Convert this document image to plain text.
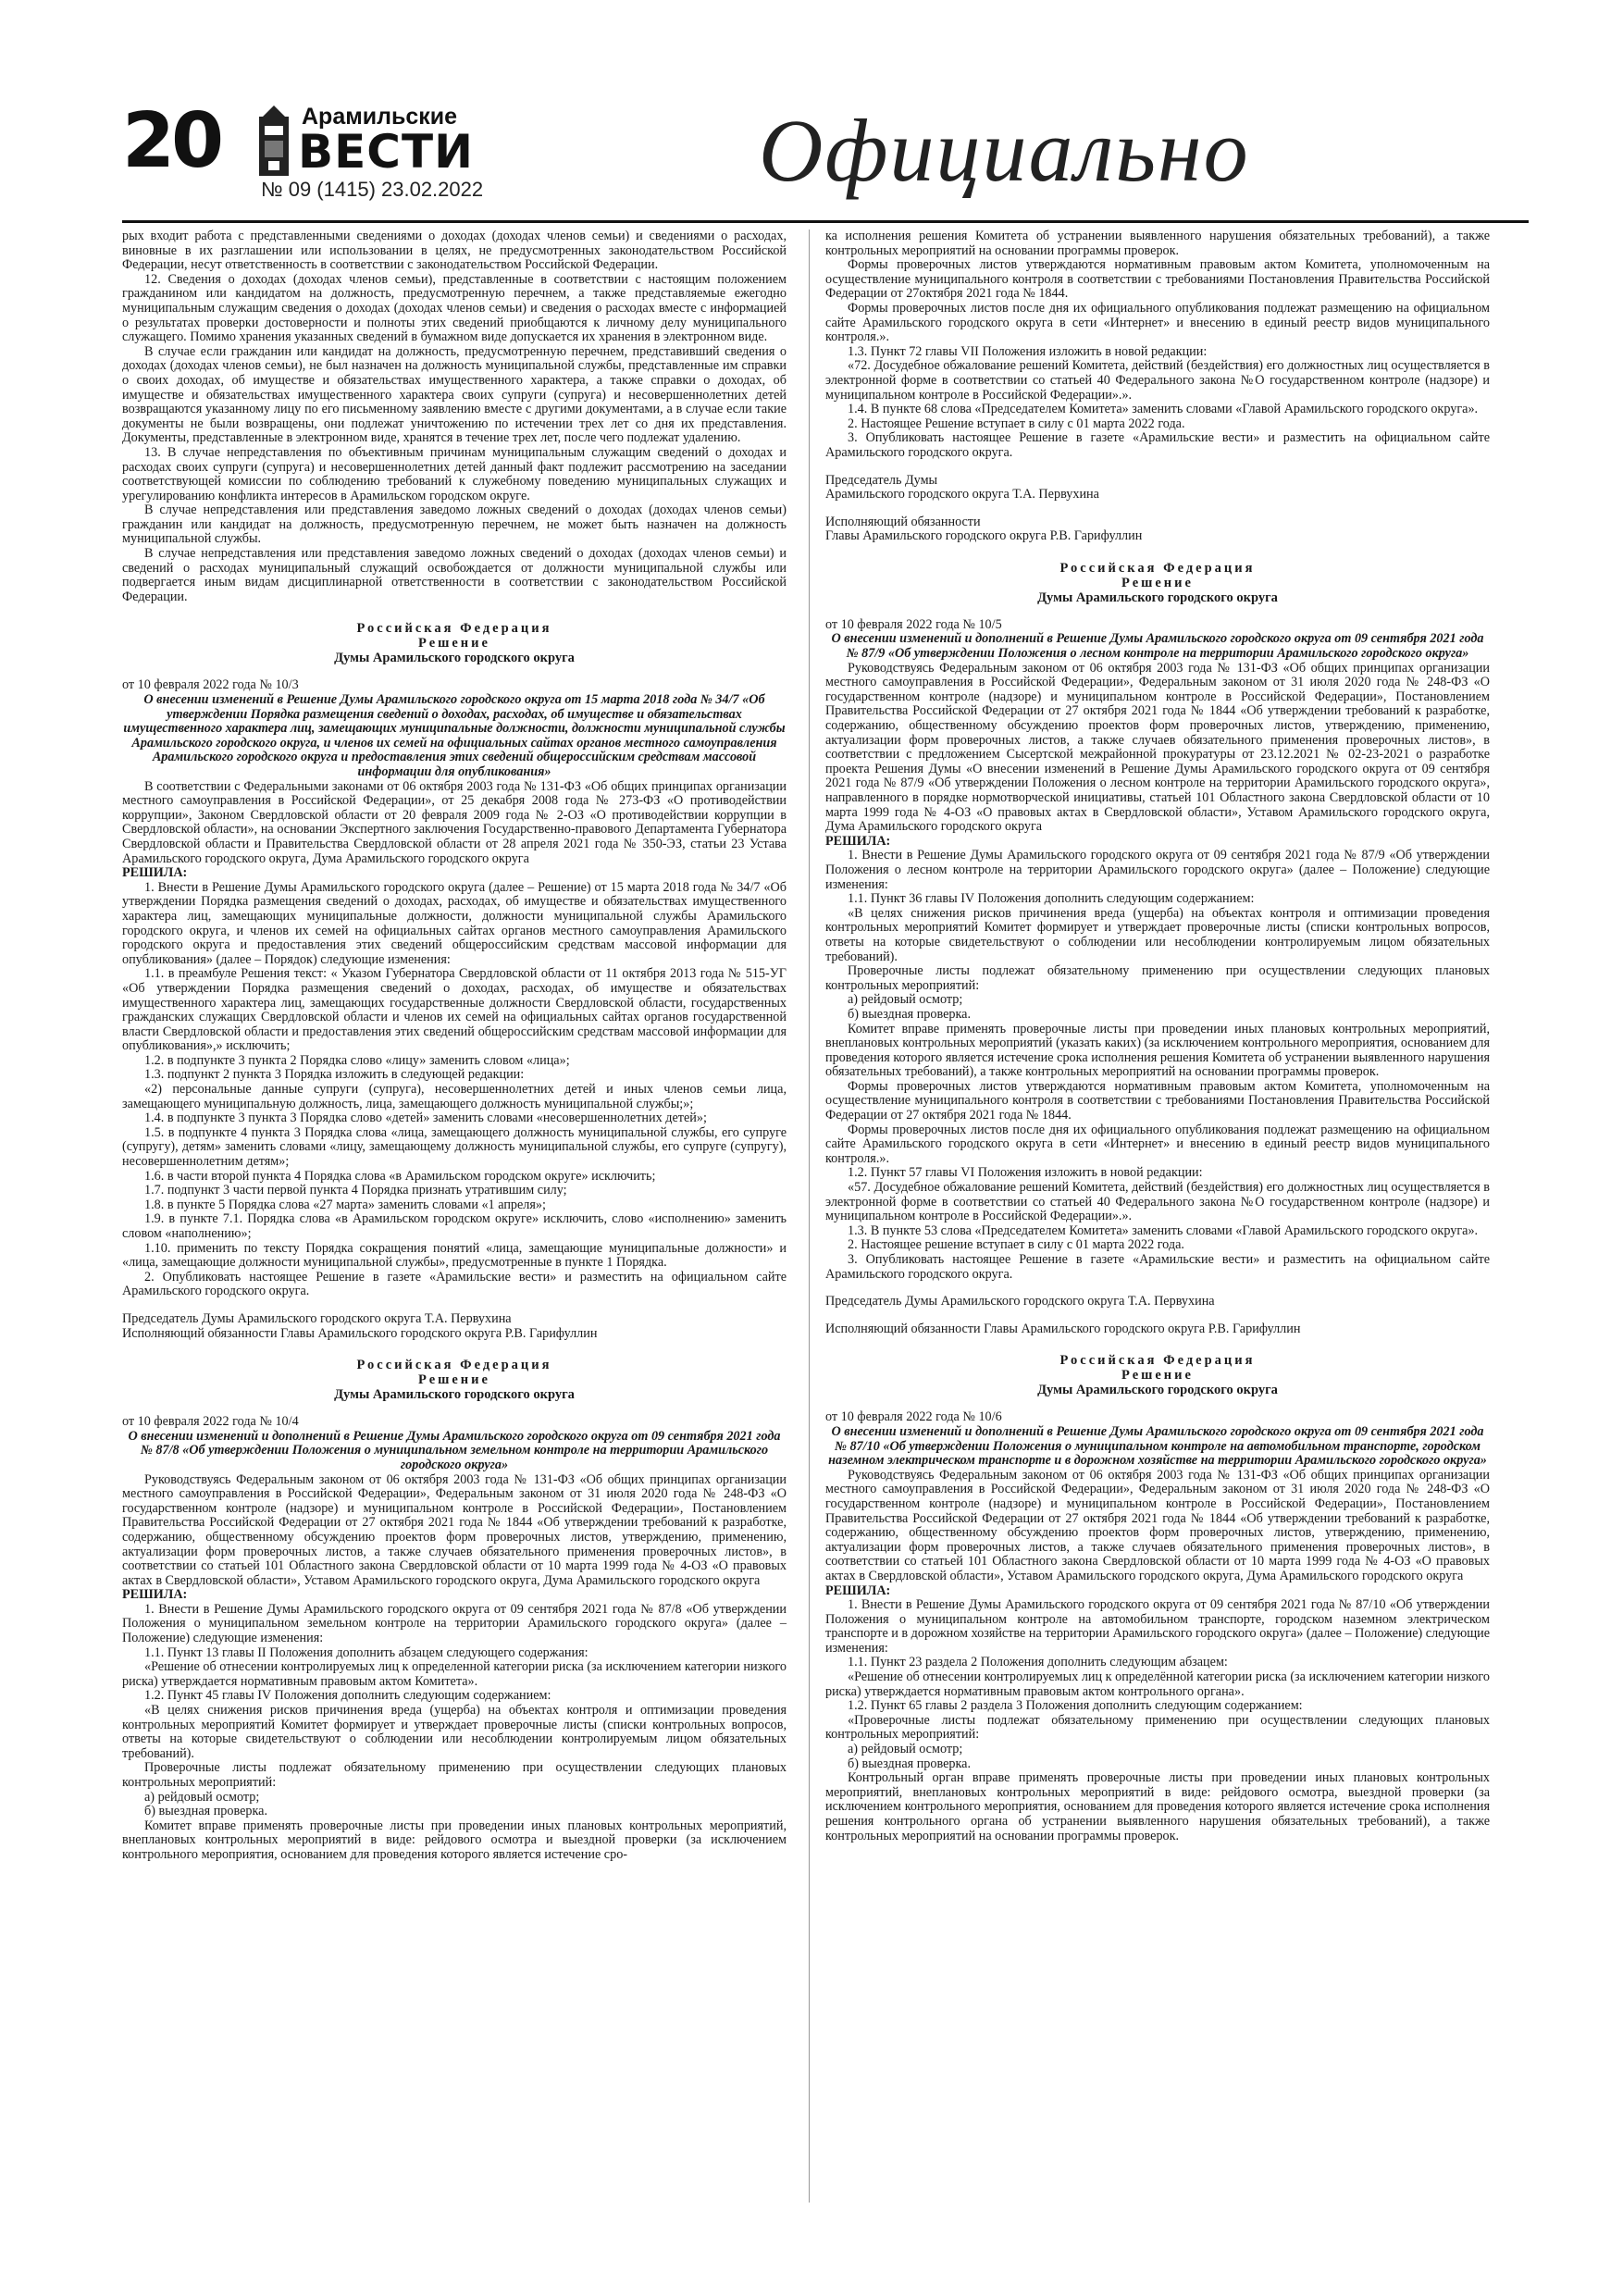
20	Арамильские
ВЕСТИ
№ 09 (1415) 23.02.2022	Официально

рых входит работа с представленными сведениями о доходах (доходах членов семьи) и сведениями о расходах, виновные в их разглашении или использовании в целях, не предусмотренных законодательством Российской Федерации, несут ответственность в соответствии с законодательством Российской Федерации.

12. Сведения о доходах (доходах членов семьи), представленные в соответствии с настоящим положением гражданином или кандидатом на должность, предусмотренную перечнем, а также представляемые ежегодно муниципальным служащим сведения о доходах (доходах членов семьи) и сведения о расходах вместе с информацией о результатах проверки достоверности и полноты этих сведений приобщаются к личному делу муниципального служащего. Помимо хранения указанных сведений в бумажном виде допускается их хранения в электронном виде.

В случае если гражданин или кандидат на должность, предусмотренную перечнем, представивший сведения о доходах (доходах членов семьи), не был назначен на должность муниципальной службы, представленные им справки о своих доходах, об имуществе и обязательствах имущественного характера, а также справки о доходах, об имуществе и обязательствах имущественного характера своих супруги (супруга) и несовершеннолетних детей возвращаются указанному лицу по его письменному заявлению вместе с другими документами, а в случае если такие документы не были возвращены, они подлежат уничтожению по истечении трех лет со дня их представления. Документы, представленные в электронном виде, хранятся в течение трех лет, после чего подлежат удалению.

13. В случае непредставления по объективным причинам муниципальным служащим сведений о доходах и расходах своих супруги (супруга) и несовершеннолетних детей данный факт подлежит рассмотрению на заседании соответствующей комиссии по соблюдению требований к служебному поведению муниципальных служащих и урегулированию конфликта интересов в Арамильском городском округе.

В случае непредставления или представления заведомо ложных сведений о доходах (доходах членов семьи) гражданин или кандидат на должность, предусмотренную перечнем, не может быть назначен на должность муниципальной службы.

В случае непредставления или представления заведомо ложных сведений о доходах (доходах членов семьи) и сведений о расходах муниципальный служащий освобождается от должности муниципальной службы или подвергается иным видам дисциплинарной ответственности в соответствии с законодательством Российской Федерации.

Российская Федерация
Решение
Думы Арамильского городского округа

от 10 февраля 2022 года № 10/3

О внесении изменений в Решение Думы Арамильского городского округа от 15 марта 2018 года № 34/7 «Об утверждении Порядка размещения сведений о доходах, расходах, об имуществе и обязательствах имущественного характера лиц, замещающих муниципальные должности, должности муниципальной службы Арамильского городского округа, и членов их семей на официальных сайтах органов местного самоуправления Арамильского городского округа и предоставления этих сведений общероссийским средствам массовой информации для опубликования»

В соответствии с Федеральными законами от 06 октября 2003 года № 131-ФЗ «Об общих принципах организации местного самоуправления в Российской Федерации», от 25 декабря 2008 года № 273-ФЗ «О противодействии коррупции», Законом Свердловской области от 20 февраля 2009 года № 2-ОЗ «О противодействии коррупции в Свердловской области», на основании Экспертного заключения Государственно-правового Департамента Губернатора Свердловской области и Правительства Свердловской области от 28 апреля 2021 года № 350-ЭЗ, статьи 23 Устава Арамильского городского округа, Дума Арамильского городского округа

РЕШИЛА:

1. Внести в Решение Думы Арамильского городского округа (далее – Решение) от 15 марта 2018 года № 34/7 «Об утверждении Порядка размещения сведений о доходах, расходах, об имуществе и обязательствах имущественного характера лиц, замещающих муниципальные должности, должности муниципальной службы Арамильского городского округа, и членов их семей на официальных сайтах органов местного самоуправления Арамильского городского округа и предоставления этих сведений общероссийским средствам массовой информации для опубликования» (далее – Порядок) следующие изменения:

1.1. в преамбуле Решения текст: « Указом Губернатора Свердловской области от 11 октября 2013 года № 515-УГ «Об утверждении Порядка размещения сведений о доходах, расходах, об имуществе и обязательствах имущественного характера лиц, замещающих государственные должности Свердловской области, государственных гражданских служащих Свердловской области и членов их семей на официальных сайтах органов государственной власти Свердловской области и предоставления этих сведений общероссийским средствам массовой информации для опубликования»,» исключить;

1.2. в подпункте 3 пункта 2 Порядка слово «лицу» заменить словом «лица»;

1.3. подпункт 2 пункта 3 Порядка изложить в следующей редакции:

«2) персональные данные супруги (супруга), несовершеннолетних детей и иных членов семьи лица, замещающего муниципальную должность, лица, замещающего должность муниципальной службы;»;

1.4. в подпункте 3 пункта 3 Порядка слово «детей» заменить словами «несовершеннолетних детей»;

1.5. в подпункте 4 пункта 3 Порядка слова «лица, замещающего должность муниципальной службы, его супруге (супругу), детям» заменить словами «лицу, замещающему должность муниципальной службы, его супруге (супругу), несовершеннолетним детям»;

1.6. в части второй пункта 4 Порядка слова «в Арамильском городском округе» исключить;

1.7. подпункт 3 части первой пункта 4 Порядка признать утратившим силу;

1.8. в пункте 5 Порядка слова «27 марта» заменить словами «1 апреля»;

1.9. в пункте 7.1. Порядка слова «в Арамильском городском округе» исключить, слово «исполнению» заменить словом «наполнению»;

1.10. применить по тексту Порядка сокращения понятий «лица, замещающие муниципальные должности» и «лица, замещающие должности муниципальной службы», предусмотренные в пункте 1 Порядка.

2. Опубликовать настоящее Решение в газете «Арамильские вести» и разместить на официальном сайте Арамильского городского округа.

Председатель Думы Арамильского городского округа Т.А. Первухина

Исполняющий обязанности Главы Арамильского городского округа Р.В. Гарифуллин

Российская Федерация
Решение
Думы Арамильского городского округа

от 10 февраля 2022 года № 10/4

О внесении изменений и дополнений в Решение Думы Арамильского городского округа от 09 сентября 2021 года № 87/8 «Об утверждении Положения о муниципальном земельном контроле на территории Арамильского городского округа»

Руководствуясь Федеральным законом от 06 октября 2003 года № 131-ФЗ «Об общих принципах организации местного самоуправления в Российской Федерации», Федеральным законом от 31 июля 2020 года № 248-ФЗ «О государственном контроле (надзоре) и муниципальном контроле в Российской Федерации», Постановлением Правительства Российской Федерации от 27 октября 2021 года № 1844 «Об утверждении требований к разработке, содержанию, общественному обсуждению проектов форм проверочных листов, утверждению, применению, актуализации форм проверочных листов, а также случаев обязательного применения проверочных листов», в соответствии со статьей 101 Областного закона Свердловской области от 10 марта 1999 года № 4-ОЗ «О правовых актах в Свердловской области», Уставом Арамильского городского округа, Дума Арамильского городского округа

РЕШИЛА:

1. Внести в Решение Думы Арамильского городского округа от 09 сентября 2021 года № 87/8 «Об утверждении Положения о муниципальном земельном контроле на территории Арамильского городского округа» (далее – Положение) следующие изменения:

1.1. Пункт 13 главы II Положения дополнить абзацем следующего содержания:

«Решение об отнесении контролируемых лиц к определенной категории риска (за исключением категории низкого риска) утверждается нормативным правовым актом Комитета».

1.2. Пункт 45 главы IV Положения дополнить следующим содержанием:

«В целях снижения рисков причинения вреда (ущерба) на объектах контроля и оптимизации проведения контрольных мероприятий Комитет формирует и утверждает проверочные листы (списки контрольных вопросов, ответы на которые свидетельствуют о соблюдении или несоблюдении контролируемым лицом обязательных требований).

Проверочные листы подлежат обязательному применению при осуществлении следующих плановых контрольных мероприятий:

а) рейдовый осмотр;

б) выездная проверка.

Комитет вправе применять проверочные листы при проведении иных плановых контрольных мероприятий, внеплановых контрольных мероприятий в виде: рейдового осмотра и выездной проверки (за исключением контрольного мероприятия, основанием для проведения которого является истечение сро-

ка исполнения решения Комитета об устранении выявленного нарушения обязательных требований), а также контрольных мероприятий на основании программы проверок.

Формы проверочных листов утверждаются нормативным правовым актом Комитета, уполномоченным на осуществление муниципального контроля в соответствии с требованиями Постановления Правительства Российской Федерации от 27октября 2021 года № 1844.

Формы проверочных листов после дня их официального опубликования подлежат размещению на официальном сайте Арамильского городского округа в сети «Интернет» и внесению в единый реестр видов муниципального контроля.».

1.3. Пункт 72 главы VII Положения изложить в новой редакции:

«72. Досудебное обжалование решений Комитета, действий (бездействия) его должностных лиц осуществляется в электронной форме в соответствии со статьей 40 Федерального закона №О государственном контроле (надзоре) и муниципальном контроле в Российской Федерации».».

1.4. В пункте 68 слова «Председателем Комитета» заменить словами «Главой Арамильского городского округа».

2. Настоящее Решение вступает в силу с 01 марта 2022 года.

3. Опубликовать настоящее Решение в газете «Арамильские вести» и разместить на официальном сайте Арамильского городского округа.

Председатель Думы

Арамильского городского округа Т.А. Первухина

Исполняющий обязанности

Главы Арамильского городского округа Р.В. Гарифуллин

Российская Федерация
Решение
Думы Арамильского городского округа

от 10 февраля 2022 года № 10/5

О внесении изменений и дополнений в Решение Думы Арамильского городского округа от 09 сентября 2021 года № 87/9 «Об утверждении Положения о лесном контроле на территории Арамильского городского округа»

Руководствуясь Федеральным законом от 06 октября 2003 года № 131-ФЗ «Об общих принципах организации местного самоуправления в Российской Федерации», Федеральным законом от 31 июля 2020 года № 248-ФЗ «О государственном контроле (надзоре) и муниципальном контроле в Российской Федерации», Постановлением Правительства Российской Федерации от 27 октября 2021 года № 1844 «Об утверждении требований к разработке, содержанию, общественному обсуждению проектов форм проверочных листов, утверждению, применению, актуализации форм проверочных листов, а также случаев обязательного применения проверочных листов», в соответствии с предложением Сысертской межрайонной прокуратуры от 23.12.2021 № 02-23-2021 о разработке проекта Решения Думы «О внесении изменений в Решение Думы Арамильского городского округа от 09 сентября 2021 года № 87/9 «Об утверждении Положения о лесном контроле на территории Арамильского городского округа», направленного в порядке нормотворческой инициативы, статьей 101 Областного закона Свердловской области от 10 марта 1999 года № 4-ОЗ «О правовых актах в Свердловской области», Уставом Арамильского городского округа, Дума Арамильского городского округа

РЕШИЛА:

1. Внести в Решение Думы Арамильского городского округа от 09 сентября 2021 года № 87/9 «Об утверждении Положения о лесном контроле на территории Арамильского городского округа» (далее – Положение) следующие изменения:

1.1. Пункт 36 главы IV Положения дополнить следующим содержанием:

«В целях снижения рисков причинения вреда (ущерба) на объектах контроля и оптимизации проведения контрольных мероприятий Комитет формирует и утверждает проверочные листы (списки контрольных вопросов, ответы на которые свидетельствуют о соблюдении или несоблюдении контролируемым лицом обязательных требований).

Проверочные листы подлежат обязательному применению при осуществлении следующих плановых контрольных мероприятий:

а) рейдовый осмотр;

б) выездная проверка.

Комитет вправе применять проверочные листы при проведении иных плановых контрольных мероприятий, внеплановых контрольных мероприятий (указать каких) (за исключением контрольного мероприятия, основанием для проведения которого является истечение срока исполнения решения Комитета об устранении выявленного нарушения обязательных требований), а также контрольных мероприятий на основании программы проверок.

Формы проверочных листов утверждаются нормативным правовым актом Комитета, уполномоченным на осуществление муниципального контроля в соответствии с требованиями Постановления Правительства Российской Федерации от 27 октября 2021 года № 1844.

Формы проверочных листов после дня их официального опубликования подлежат размещению на официальном сайте Арамильского городского округа в сети «Интернет» и внесению в единый реестр видов муниципального контроля.».

1.2. Пункт 57 главы VI Положения изложить в новой редакции:

«57. Досудебное обжалование решений Комитета, действий (бездействия) его должностных лиц осуществляется в электронной форме в соответствии со статьей 40 Федерального закона №О государственном контроле (надзоре) и муниципальном контроле в Российской Федерации».».

1.3. В пункте 53 слова «Председателем Комитета» заменить словами «Главой Арамильского городского округа».

2. Настоящее решение вступает в силу с 01 марта 2022 года.

3. Опубликовать настоящее Решение в газете «Арамильские вести» и разместить на официальном сайте Арамильского городского округа.

Председатель Думы Арамильского городского округа Т.А. Первухина

Исполняющий обязанности Главы Арамильского городского округа Р.В. Гарифуллин

Российская Федерация
Решение
Думы Арамильского городского округа

от 10 февраля 2022 года № 10/6

О внесении изменений и дополнений в Решение Думы Арамильского городского округа от 09 сентября 2021 года № 87/10 «Об утверждении Положения о муниципальном контроле на автомобильном транспорте, городском наземном электрическом транспорте и в дорожном хозяйстве на территории Арамильского городского округа»

Руководствуясь Федеральным законом от 06 октября 2003 года № 131-ФЗ «Об общих принципах организации местного самоуправления в Российской Федерации», Федеральным законом от 31 июля 2020 года № 248-ФЗ «О государственном контроле (надзоре) и муниципальном контроле в Российской Федерации», Постановлением Правительства Российской Федерации от 27 октября 2021 года № 1844 «Об утверждении требований к разработке, содержанию, общественному обсуждению проектов форм проверочных листов, утверждению, применению, актуализации форм проверочных листов, а также случаев обязательного применения проверочных листов», в соответствии со статьей 101 Областного закона Свердловской области от 10 марта 1999 года № 4-ОЗ «О правовых актах в Свердловской области», Уставом Арамильского городского округа, Дума Арамильского городского округа

РЕШИЛА:

1. Внести в Решение Думы Арамильского городского округа от 09 сентября 2021 года № 87/10 «Об утверждении Положения о муниципальном контроле на автомобильном транспорте, городском наземном электрическом транспорте и в дорожном хозяйстве на территории Арамильского городского округа» (далее – Положение) следующие изменения:

1.1. Пункт 23 раздела 2 Положения дополнить следующим абзацем:

«Решение об отнесении контролируемых лиц к определённой категории риска (за исключением категории низкого риска) утверждается нормативным правовым актом контрольного органа».

1.2. Пункт 65 главы 2 раздела 3 Положения дополнить следующим содержанием:

«Проверочные листы подлежат обязательному применению при осуществлении следующих плановых контрольных мероприятий:

а) рейдовый осмотр;

б) выездная проверка.

Контрольный орган вправе применять проверочные листы при проведении иных плановых контрольных мероприятий, внеплановых контрольных мероприятий в виде: рейдового осмотра, выездной проверки (за исключением контрольного мероприятия, основанием для проведения которого является истечение срока исполнения решения контрольного органа об устранении выявленного нарушения обязательных требований), а также контрольных мероприятий на основании программы проверок.
